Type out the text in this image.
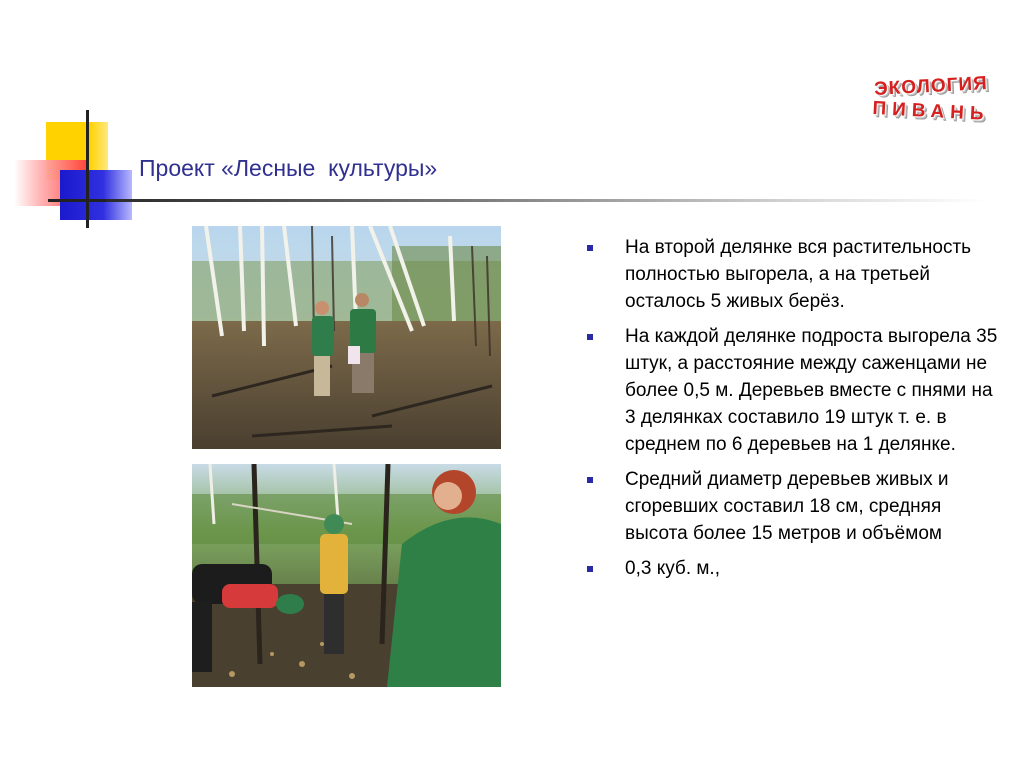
Проект «Лесные  культуры»
ЭКОЛОГИЯ
ПИВАНЬ
На второй делянке вся растительность полностью выгорела, а на третьей осталось 5 живых берёз.
На каждой делянке подроста выгорела 35 штук, а расстояние между саженцами не более 0,5 м. Деревьев вместе с пнями на 3 делянках составило 19 штук т. е. в среднем по 6 деревьев на 1 делянке.
Средний диаметр деревьев живых и сгоревших составил 18 см, средняя высота более 15 метров и объёмом
0,3 куб. м.,
